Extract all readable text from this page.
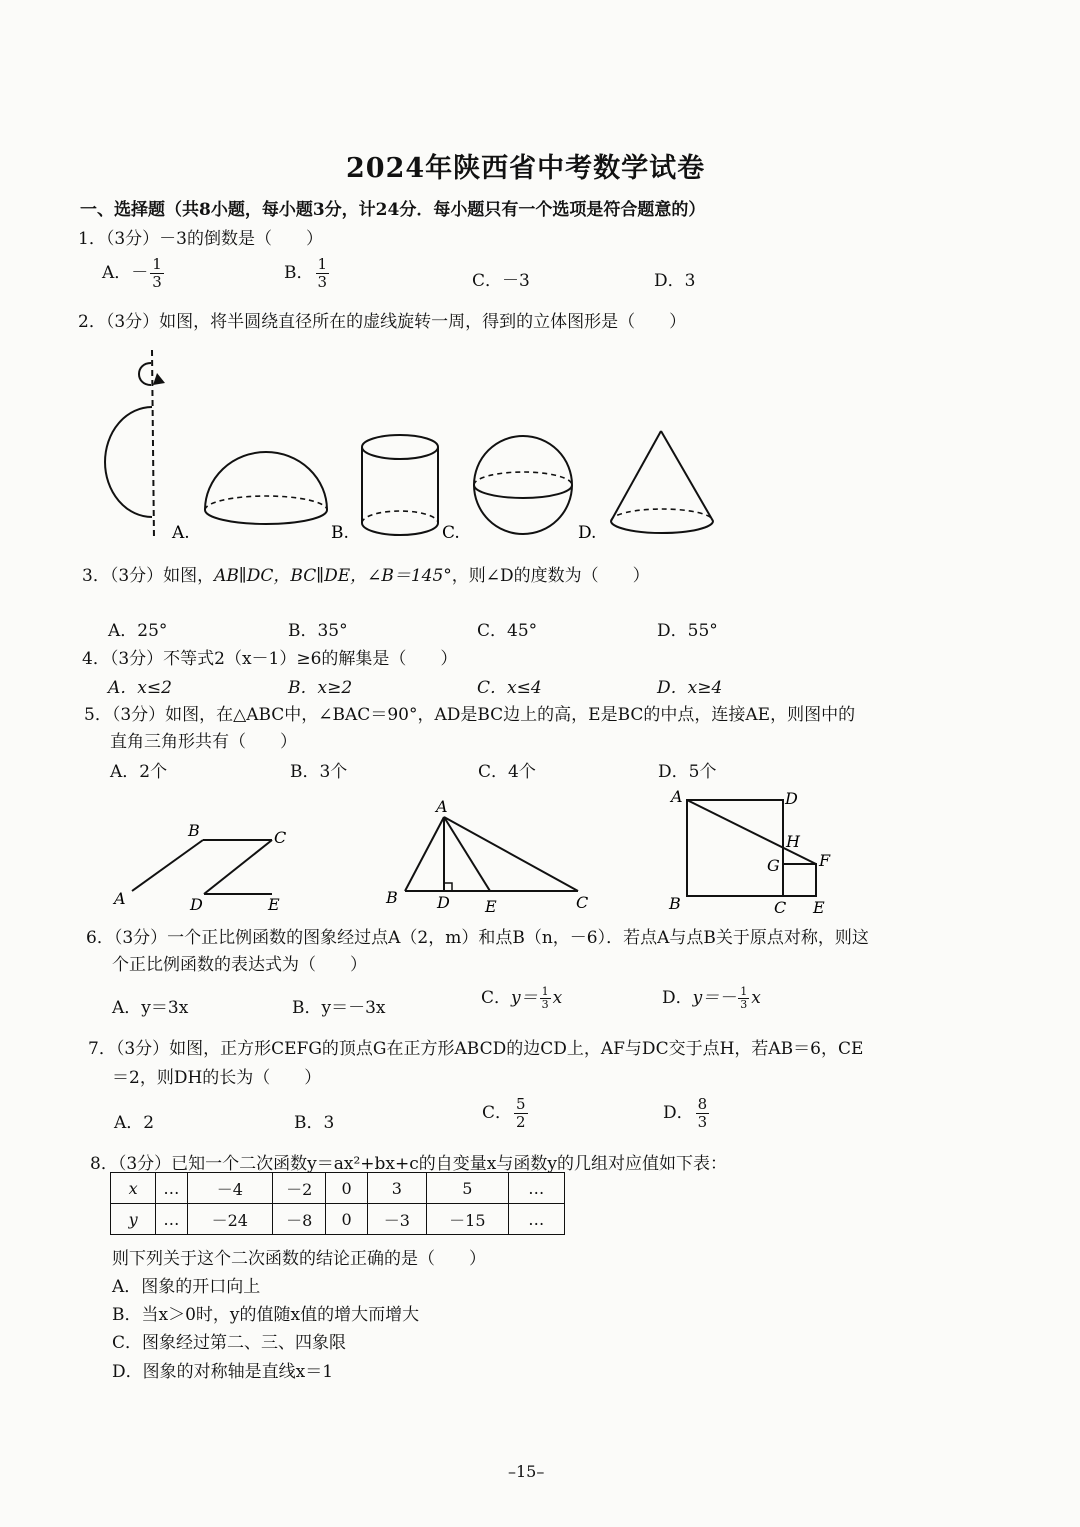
2024年陕西省中考数学试卷
一、选择题（共8小题，每小题3分，计24分．每小题只有一个选项是符合题意的）
1．（3分）－3的倒数是（　　）
A．－ $\frac{1}{3}$	B． $\frac{1}{3}$	C．－3	D．3
2．（3分）如图，将半圆绕直径所在的虚线旋转一周，得到的立体图形是（　　）
A.	B.	C.	D.
3．（3分）如图，AB∥DC，BC∥DE，∠B＝145°，则∠D的度数为（　　）
A．25°	B．35°	C．45°	D．55°
4．（3分）不等式2（x－1）≥6的解集是（　　）
A．x≤2	B．x≥2	C．x≤4	D．x≥4
5．（3分）如图，在△ABC中，∠BAC＝90°，AD是BC边上的高，E是BC的中点，连接AE，则图中的
直角三角形共有（　　）
A．2个	B．3个	C．4个	D．5个
A
B	C
D	E
A
B D E	C
A	D
H
G F
B	C E
6．（3分）一个正比例函数的图象经过点A（2，m）和点B（n，－6）．若点A与点B关于原点对称，则这
个正比例函数的表达式为（　　）
A．y＝3x	B．y＝－3x	C．$y= \frac{1}{3}$ x	D．$y=- \frac{1}{3}$ x
7．（3分）如图，正方形CEFG的顶点G在正方形ABCD的边CD上，AF与DC交于点H，若AB＝6，CE
＝2，则DH的长为（　　）
A．2	B．3	C． $\frac{5}{2}$	D． $\frac{8}{3}$
8．（3分）已知一个二次函数y＝ax²+bx+c的自变量x与函数y的几组对应值如下表：
x	…	－4	－2	0	3	5	…
y	…	－24	－8	0	－3	－15	…
则下列关于这个二次函数的结论正确的是（　　）
A．图象的开口向上
B．当x＞0时，y的值随x值的增大而增大
C．图象经过第二、三、四象限
D．图象的对称轴是直线x＝1
–15–
